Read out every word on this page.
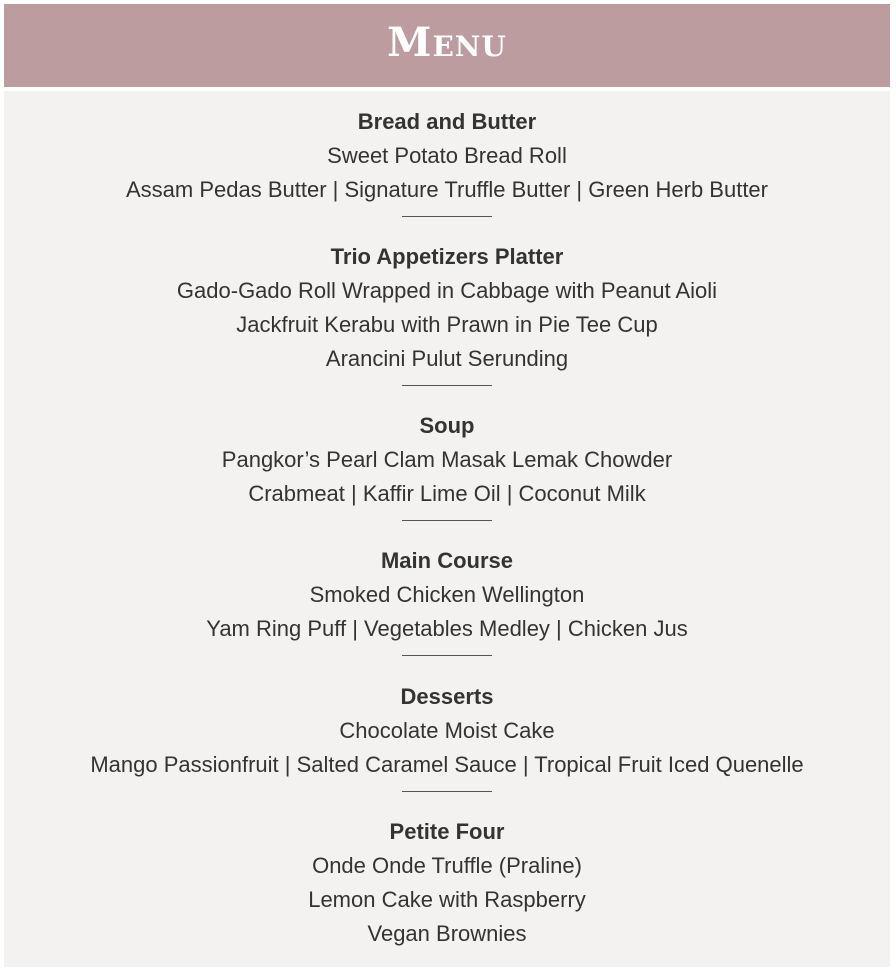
Menu
Bread and Butter
Sweet Potato Bread Roll
Assam Pedas Butter | Signature Truffle Butter | Green Herb Butter
Trio Appetizers Platter
Gado-Gado Roll Wrapped in Cabbage with Peanut Aioli
Jackfruit Kerabu with Prawn in Pie Tee Cup
Arancini Pulut Serunding
Soup
Pangkor’s Pearl Clam Masak Lemak Chowder
Crabmeat | Kaffir Lime Oil | Coconut Milk
Main Course
Smoked Chicken Wellington
Yam Ring Puff | Vegetables Medley | Chicken Jus
Desserts
Chocolate Moist Cake
Mango Passionfruit | Salted Caramel Sauce | Tropical Fruit Iced Quenelle
Petite Four
Onde Onde Truffle (Praline)
Lemon Cake with Raspberry
Vegan Brownies
